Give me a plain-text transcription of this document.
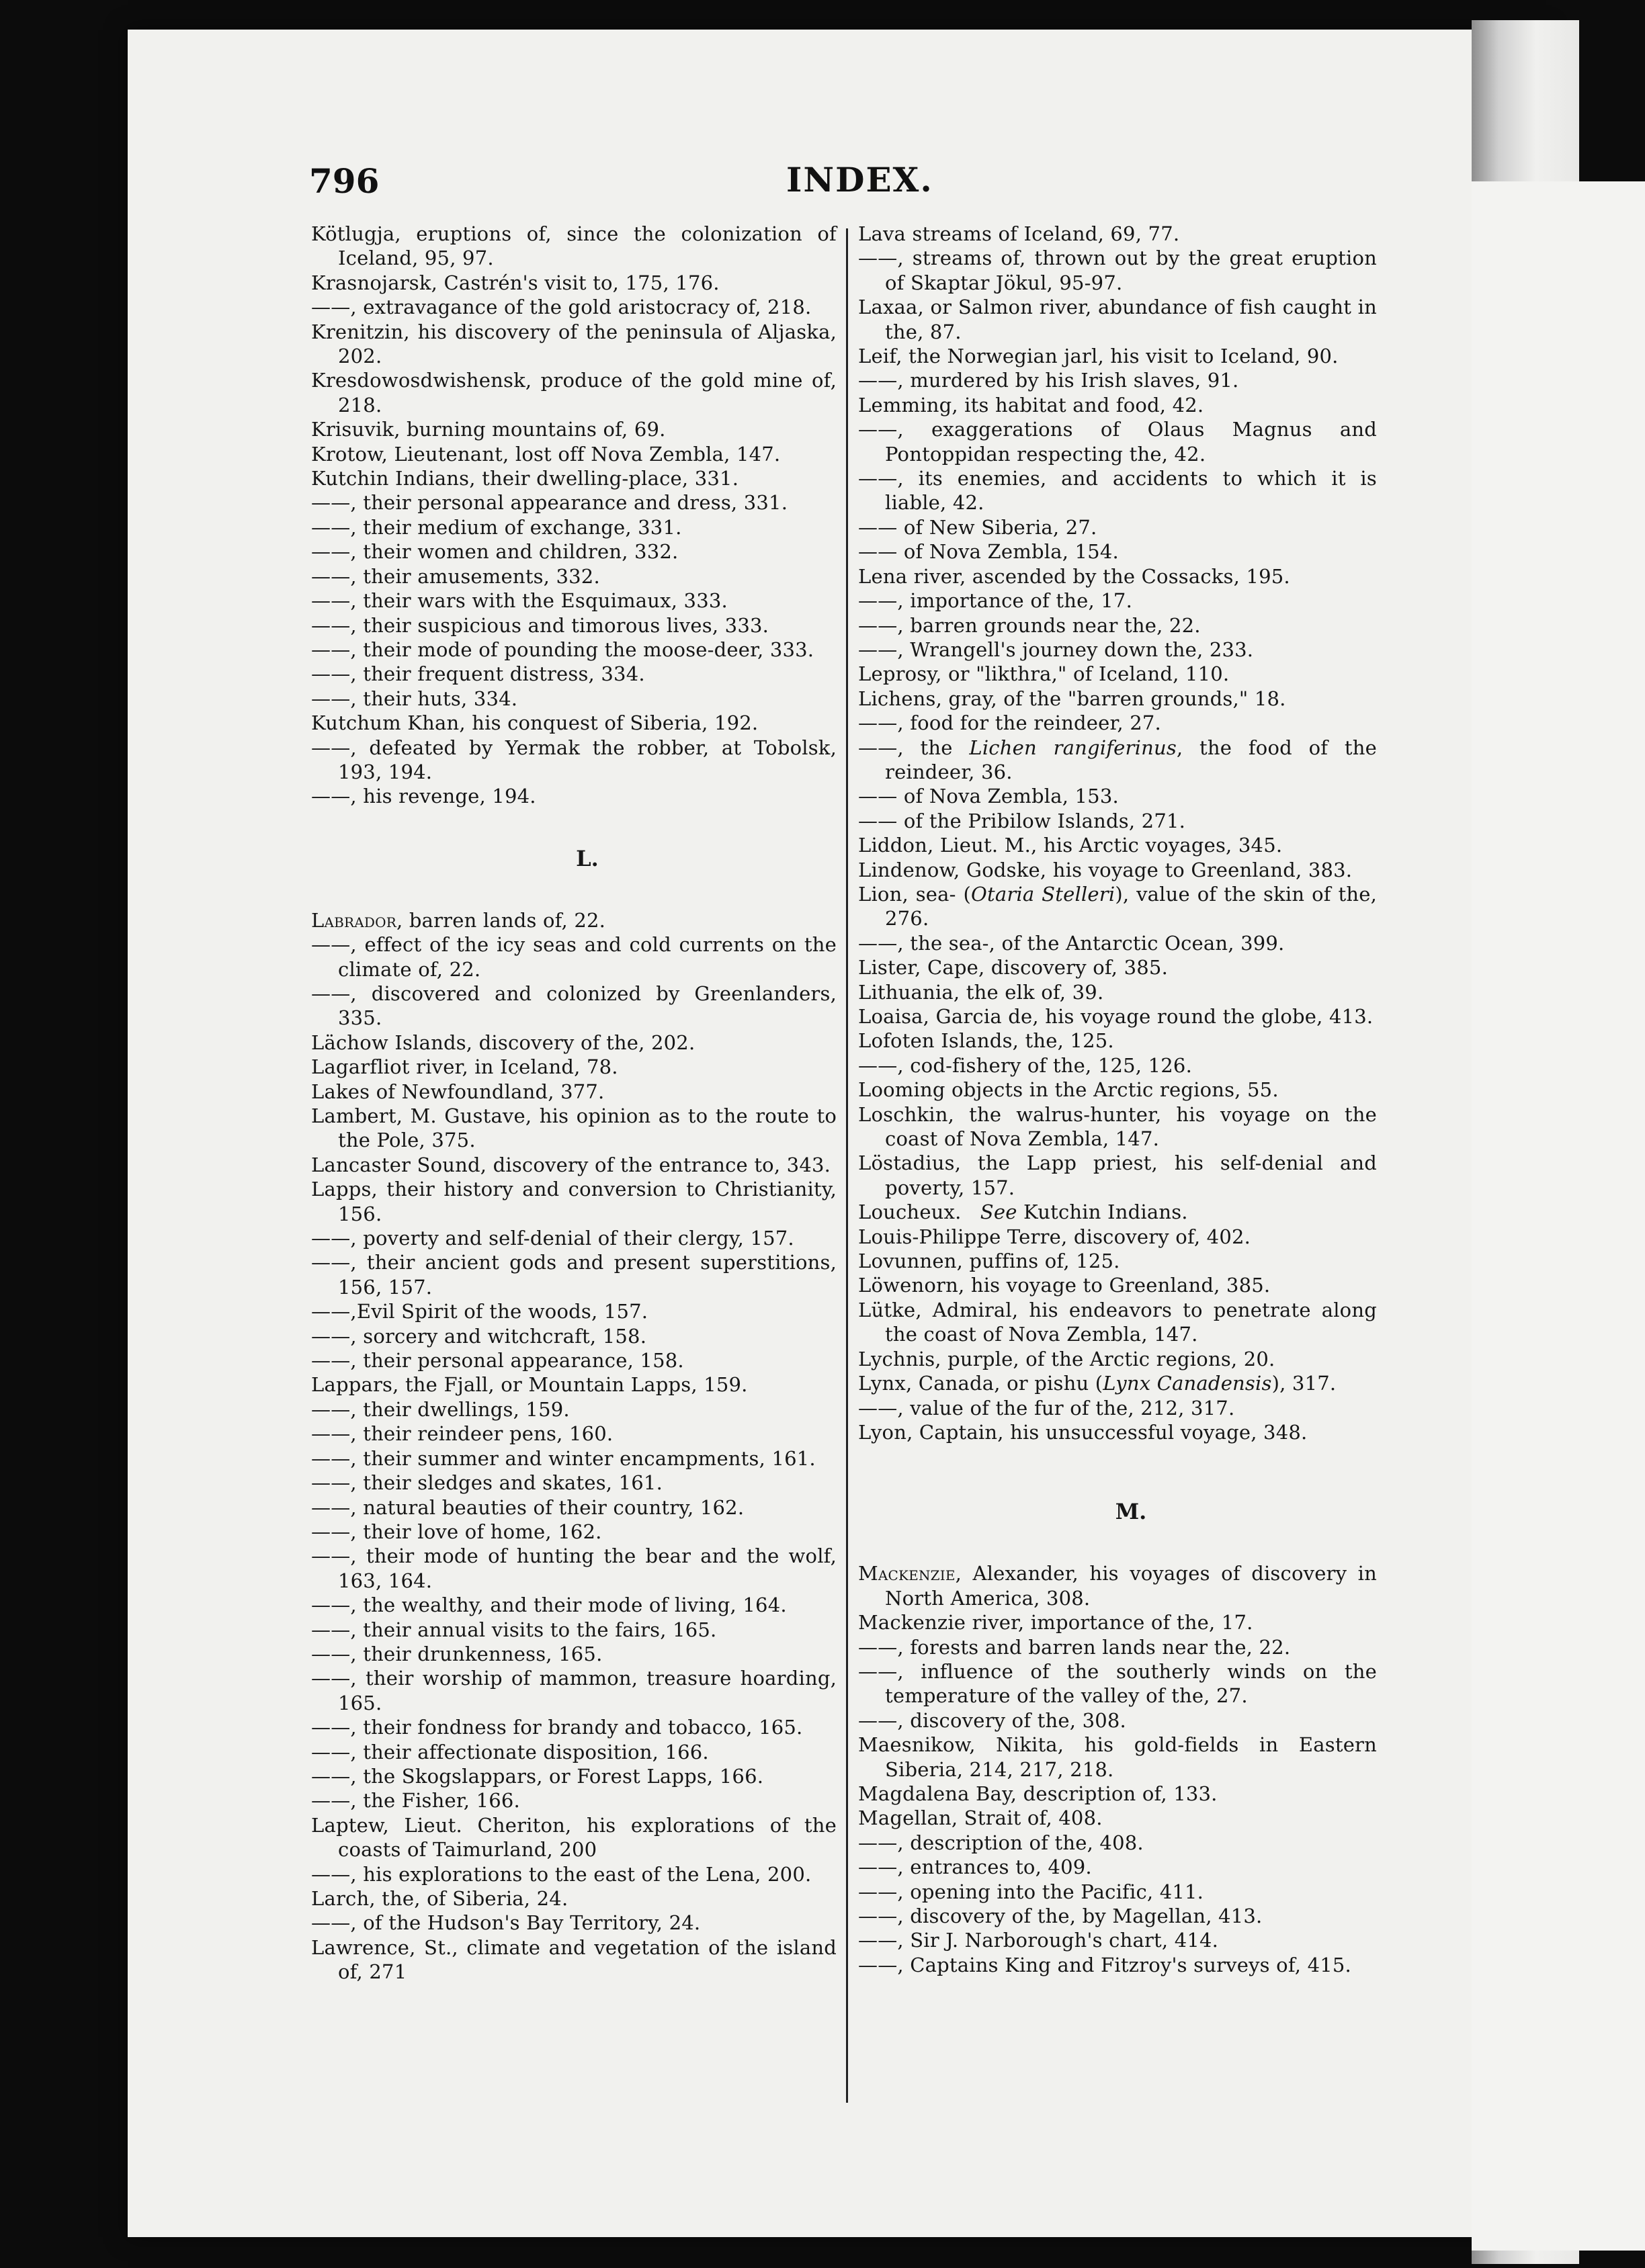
796	INDEX.
Kötlugja, eruptions of, since the colonization of Iceland, 95, 97.
Krasnojarsk, Castrén's visit to, 175, 176.
——, extravagance of the gold aristocracy of, 218.
Krenitzin, his discovery of the peninsula of Aljaska, 202.
Kresdowosdwishensk, produce of the gold mine of, 218.
Krisuvik, burning mountains of, 69.
Krotow, Lieutenant, lost off Nova Zembla, 147.
Kutchin Indians, their dwelling-place, 331.
——, their personal appearance and dress, 331.
——, their medium of exchange, 331.
——, their women and children, 332.
——, their amusements, 332.
——, their wars with the Esquimaux, 333.
——, their suspicious and timorous lives, 333.
——, their mode of pounding the moose-deer, 333.
——, their frequent distress, 334.
——, their huts, 334.
Kutchum Khan, his conquest of Siberia, 192.
——, defeated by Yermak the robber, at Tobolsk, 193, 194.
——, his revenge, 194.
L.
Labrador, barren lands of, 22.
——, effect of the icy seas and cold currents on the climate of, 22.
——, discovered and colonized by Greenlanders, 335.
Lächow Islands, discovery of the, 202.
Lagarfliot river, in Iceland, 78.
Lakes of Newfoundland, 377.
Lambert, M. Gustave, his opinion as to the route to the Pole, 375.
Lancaster Sound, discovery of the entrance to, 343.
Lapps, their history and conversion to Christianity, 156.
——, poverty and self-denial of their clergy, 157.
——, their ancient gods and present superstitions, 156, 157.
——,Evil Spirit of the woods, 157.
——, sorcery and witchcraft, 158.
——, their personal appearance, 158.
Lappars, the Fjall, or Mountain Lapps, 159.
——, their dwellings, 159.
——, their reindeer pens, 160.
——, their summer and winter encampments, 161.
——, their sledges and skates, 161.
——, natural beauties of their country, 162.
——, their love of home, 162.
——, their mode of hunting the bear and the wolf, 163, 164.
——, the wealthy, and their mode of living, 164.
——, their annual visits to the fairs, 165.
——, their drunkenness, 165.
——, their worship of mammon, treasure hoarding, 165.
——, their fondness for brandy and tobacco, 165.
——, their affectionate disposition, 166.
——, the Skogslappars, or Forest Lapps, 166.
——, the Fisher, 166.
Laptew, Lieut. Cheriton, his explorations of the coasts of Taimurland, 200
——, his explorations to the east of the Lena, 200.
Larch, the, of Siberia, 24.
——, of the Hudson's Bay Territory, 24.
Lawrence, St., climate and vegetation of the island of, 271
Lava streams of Iceland, 69, 77.
——, streams of, thrown out by the great eruption of Skaptar Jökul, 95-97.
Laxaa, or Salmon river, abundance of fish caught in the, 87.
Leif, the Norwegian jarl, his visit to Iceland, 90.
——, murdered by his Irish slaves, 91.
Lemming, its habitat and food, 42.
——, exaggerations of Olaus Magnus and Pontoppidan respecting the, 42.
——, its enemies, and accidents to which it is liable, 42.
—— of New Siberia, 27.
—— of Nova Zembla, 154.
Lena river, ascended by the Cossacks, 195.
——, importance of the, 17.
——, barren grounds near the, 22.
——, Wrangell's journey down the, 233.
Leprosy, or "likthra," of Iceland, 110.
Lichens, gray, of the "barren grounds," 18.
——, food for the reindeer, 27.
——, the Lichen rangiferinus, the food of the reindeer, 36.
—— of Nova Zembla, 153.
—— of the Pribilow Islands, 271.
Liddon, Lieut. M., his Arctic voyages, 345.
Lindenow, Godske, his voyage to Greenland, 383.
Lion, sea- (Otaria Stelleri), value of the skin of the, 276.
——, the sea-, of the Antarctic Ocean, 399.
Lister, Cape, discovery of, 385.
Lithuania, the elk of, 39.
Loaisa, Garcia de, his voyage round the globe, 413.
Lofoten Islands, the, 125.
——, cod-fishery of the, 125, 126.
Looming objects in the Arctic regions, 55.
Loschkin, the walrus-hunter, his voyage on the coast of Nova Zembla, 147.
Löstadius, the Lapp priest, his self-denial and poverty, 157.
Loucheux. See Kutchin Indians.
Louis-Philippe Terre, discovery of, 402.
Lovunnen, puffins of, 125.
Löwenorn, his voyage to Greenland, 385.
Lütke, Admiral, his endeavors to penetrate along the coast of Nova Zembla, 147.
Lychnis, purple, of the Arctic regions, 20.
Lynx, Canada, or pishu (Lynx Canadensis), 317.
——, value of the fur of the, 212, 317.
Lyon, Captain, his unsuccessful voyage, 348.
M.
Mackenzie, Alexander, his voyages of discovery in North America, 308.
Mackenzie river, importance of the, 17.
——, forests and barren lands near the, 22.
——, influence of the southerly winds on the temperature of the valley of the, 27.
——, discovery of the, 308.
Maesnikow, Nikita, his gold-fields in Eastern Siberia, 214, 217, 218.
Magdalena Bay, description of, 133.
Magellan, Strait of, 408.
——, description of the, 408.
——, entrances to, 409.
——, opening into the Pacific, 411.
——, discovery of the, by Magellan, 413.
——, Sir J. Narborough's chart, 414.
——, Captains King and Fitzroy's surveys of, 415.
